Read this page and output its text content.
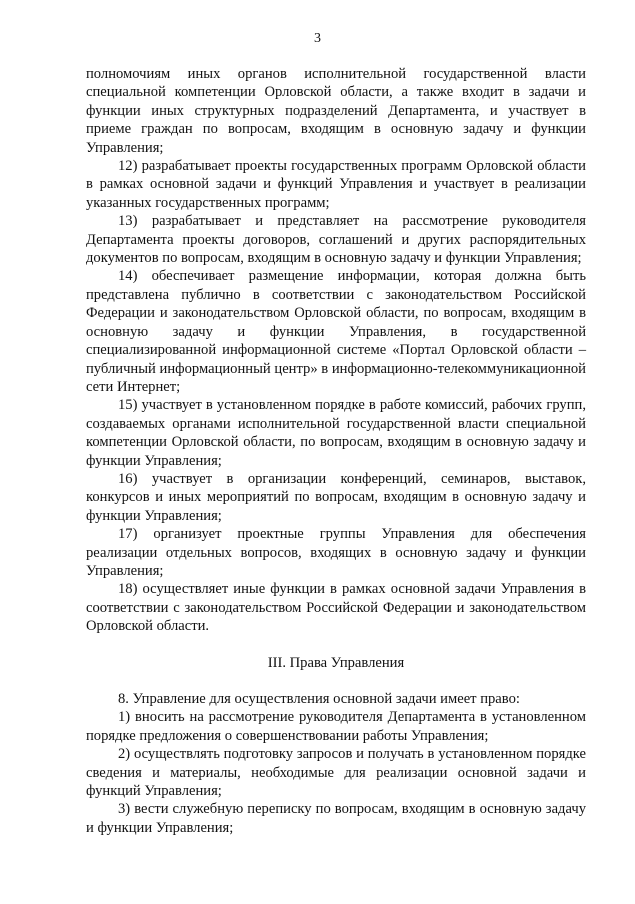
3

полномочиям иных органов исполнительной государственной власти специальной компетенции Орловской области, а также входит в задачи и функции иных структурных подразделений Департамента, и участвует в приеме граждан по вопросам, входящим в основную задачу и функции Управления;

12) разрабатывает проекты государственных программ Орловской области в рамках основной задачи и функций Управления и участвует в реализации указанных государственных программ;

13) разрабатывает и представляет на рассмотрение руководителя Департамента проекты договоров, соглашений и других распорядительных документов по вопросам, входящим в основную задачу и функции Управления;

14) обеспечивает размещение информации, которая должна быть представлена публично в соответствии с законодательством Российской Федерации и законодательством Орловской области, по вопросам, входящим в основную задачу и функции Управления, в государственной специализированной информационной системе «Портал Орловской области – публичный информационный центр» в информационно-телекоммуникационной сети Интернет;

15) участвует в установленном порядке в работе комиссий, рабочих групп, создаваемых органами исполнительной государственной власти специальной компетенции Орловской области, по вопросам, входящим в основную задачу и функции Управления;

16) участвует в организации конференций, семинаров, выставок, конкурсов и иных мероприятий по вопросам, входящим в основную задачу и функции Управления;

17) организует проектные группы Управления для обеспечения реализации отдельных вопросов, входящих в основную задачу и функции Управления;

18) осуществляет иные функции в рамках основной задачи Управления в соответствии с законодательством Российской Федерации и законодательством Орловской области.

III. Права Управления

8. Управление для осуществления основной задачи имеет право:

1) вносить на рассмотрение руководителя Департамента в установленном порядке предложения о совершенствовании работы Управления;

2) осуществлять подготовку запросов и получать в установленном порядке сведения и материалы, необходимые для реализации основной задачи и функций Управления;

3) вести служебную переписку по вопросам, входящим в основную задачу и функции Управления;
